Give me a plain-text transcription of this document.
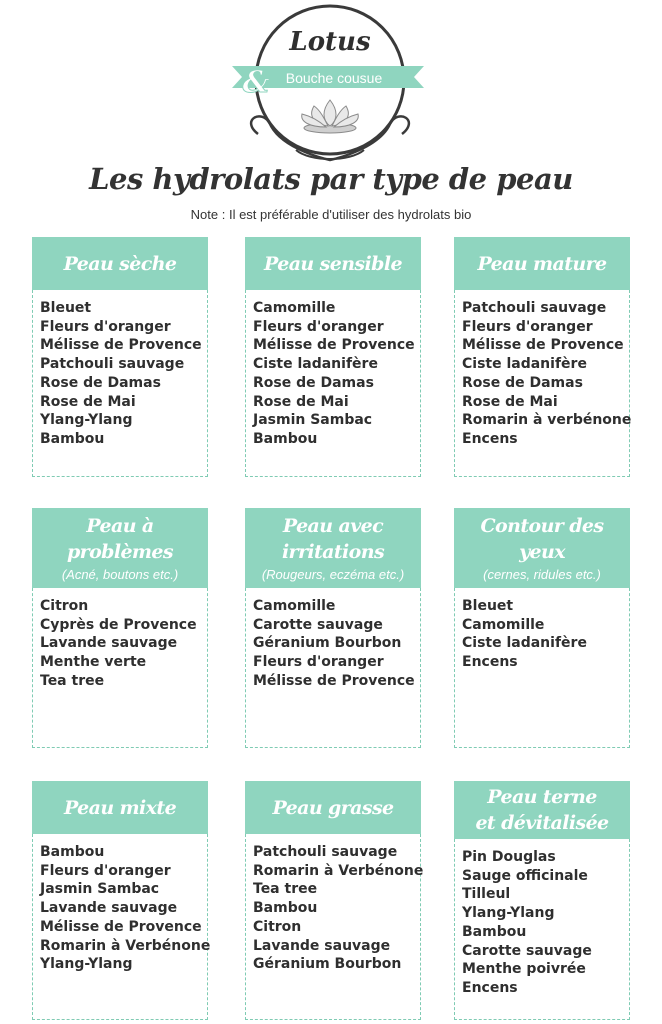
Lotus
& Bouche cousue
Les hydrolats par type de peau
Note : Il est préférable d'utiliser des hydrolats bio
Peau sèche
Bleuet
Fleurs d'oranger
Mélisse de Provence
Patchouli sauvage
Rose de Damas
Rose de Mai
Ylang-Ylang
Bambou
Peau sensible
Camomille
Fleurs d'oranger
Mélisse de Provence
Ciste ladanifère
Rose de Damas
Rose de Mai
Jasmin Sambac
Bambou
Peau mature
Patchouli sauvage
Fleurs d'oranger
Mélisse de Provence
Ciste ladanifère
Rose de Damas
Rose de Mai
Romarin à verbénone
Encens
Peau à
problèmes
(Acné, boutons etc.)
Citron
Cyprès de Provence
Lavande sauvage
Menthe verte
Tea tree
Peau avec
irritations
(Rougeurs, eczéma etc.)
Camomille
Carotte sauvage
Géranium Bourbon
Fleurs d'oranger
Mélisse de Provence
Contour des
yeux
(cernes, ridules etc.)
Bleuet
Camomille
Ciste ladanifère
Encens
Peau mixte
Bambou
Fleurs d'oranger
Jasmin Sambac
Lavande sauvage
Mélisse de Provence
Romarin à Verbénone
Ylang-Ylang
Peau grasse
Patchouli sauvage
Romarin à Verbénone
Tea tree
Bambou
Citron
Lavande sauvage
Géranium Bourbon
Peau terne
et dévitalisée
Pin Douglas
Sauge officinale
Tilleul
Ylang-Ylang
Bambou
Carotte sauvage
Menthe poivrée
Encens
